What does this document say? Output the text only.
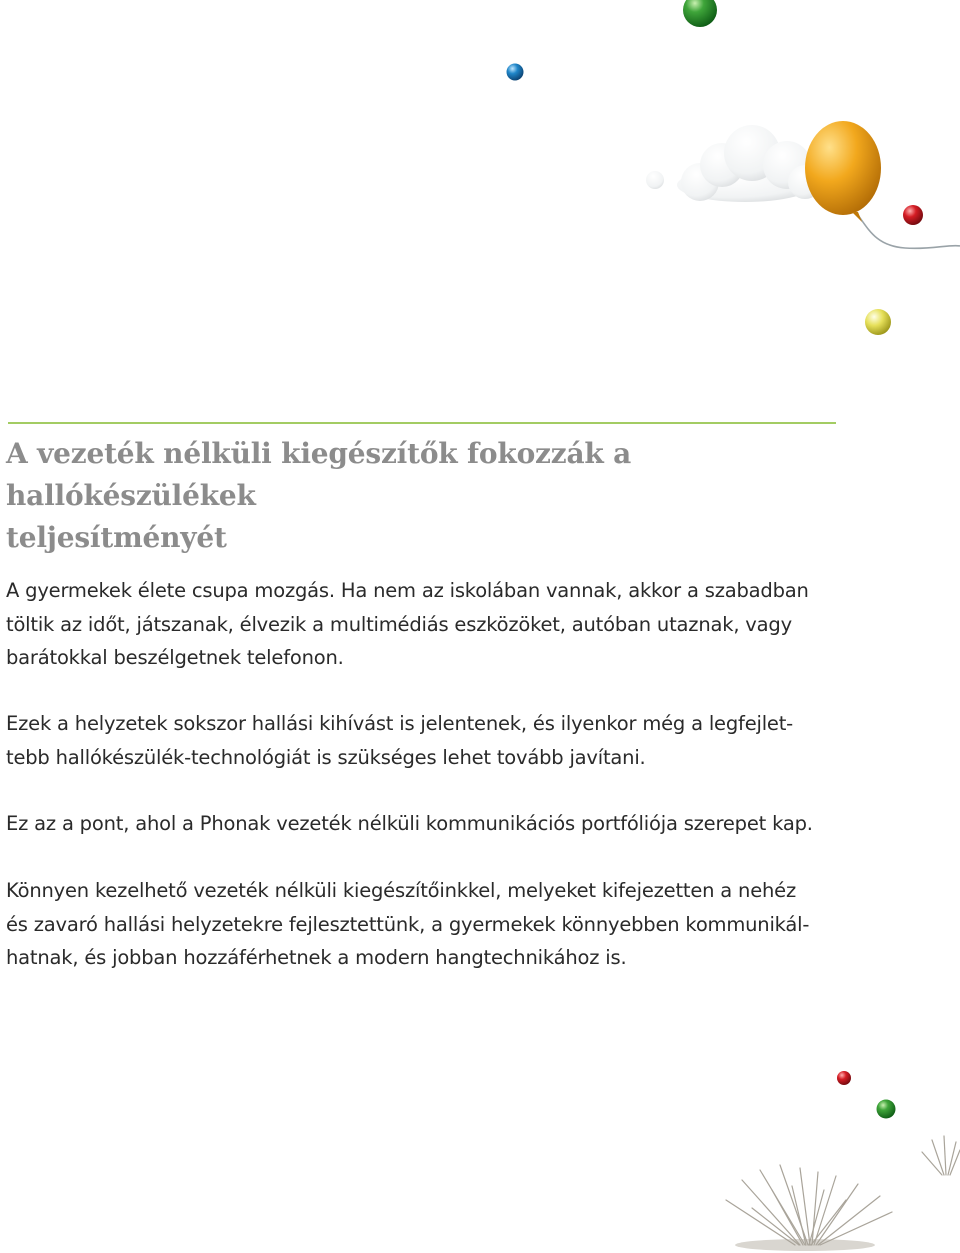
A vezeték nélküli kiegészítők fokozzák a hallókészülékek
teljesítményét

A gyermekek élete csupa mozgás. Ha nem az iskolában vannak, akkor a szabadban
töltik az időt, játszanak, élvezik a multimédiás eszközöket, autóban utaznak, vagy
barátokkal beszélgetnek telefonon.

Ezek a helyzetek sokszor hallási kihívást is jelentenek, és ilyenkor még a legfejlet-
tebb hallókészülék-technológiát is szükséges lehet tovább javítani.

Ez az a pont, ahol a Phonak vezeték nélküli kommunikációs portfóliója szerepet kap.

Könnyen kezelhető vezeték nélküli kiegészítőinkkel, melyeket kifejezetten a nehéz
és zavaró hallási helyzetekre fejlesztettünk, a gyermekek könnyebben kommunikál-
hatnak, és jobban hozzáférhetnek a modern hangtechnikához is.
